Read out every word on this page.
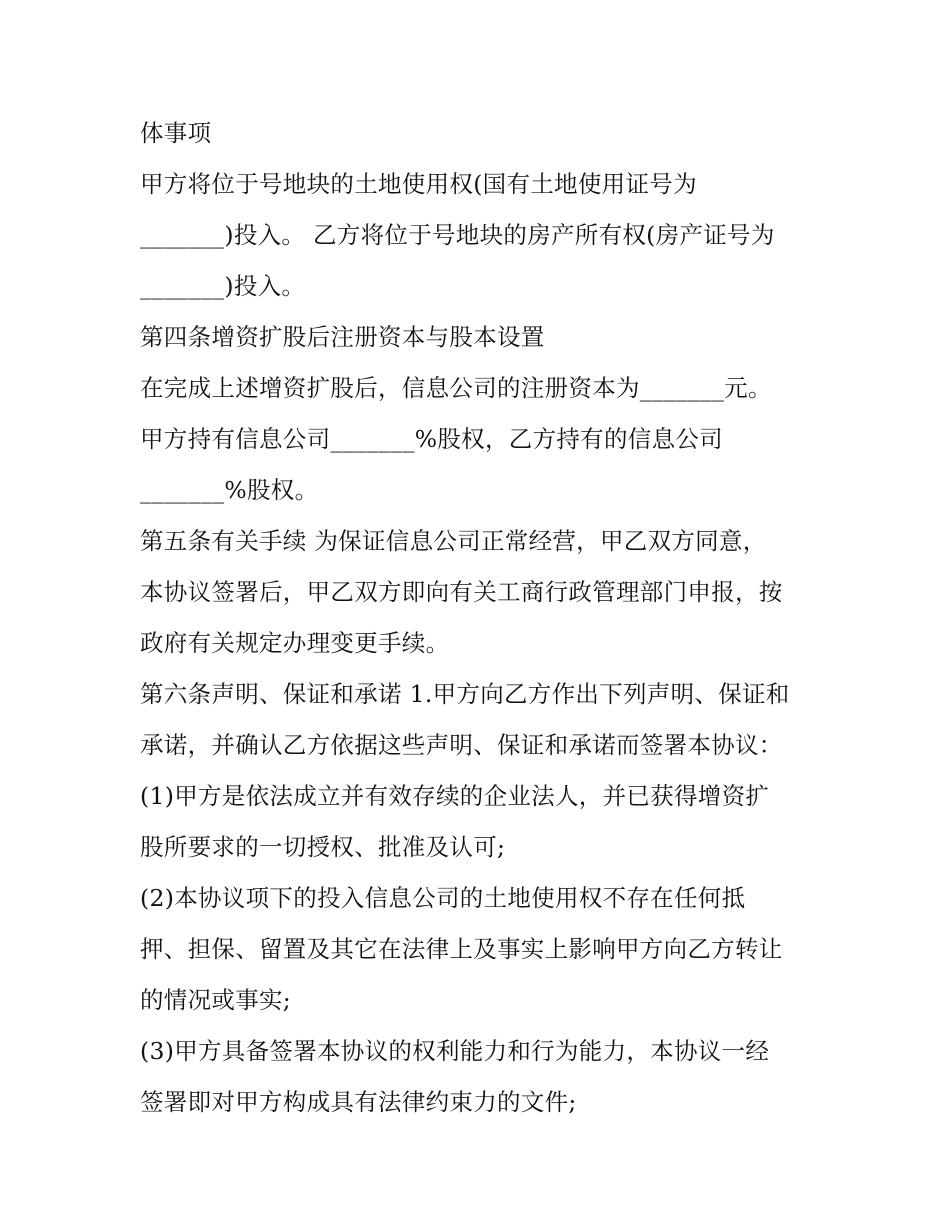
体事项
甲方将位于号地块的土地使用权(国有土地使用证号为
_______)投入。 乙方将位于号地块的房产所有权(房产证号为
_______)投入。
第四条增资扩股后注册资本与股本设置
在完成上述增资扩股后，信息公司的注册资本为_______元。
甲方持有信息公司_______%股权，乙方持有的信息公司
_______%股权。
第五条有关手续 为保证信息公司正常经营，甲乙双方同意，
本协议签署后，甲乙双方即向有关工商行政管理部门申报，按
政府有关规定办理变更手续。
第六条声明、保证和承诺 1.甲方向乙方作出下列声明、保证和
承诺，并确认乙方依据这些声明、保证和承诺而签署本协议：
(1)甲方是依法成立并有效存续的企业法人，并已获得增资扩
股所要求的一切授权、批准及认可;
(2)本协议项下的投入信息公司的土地使用权不存在任何抵
押、担保、留置及其它在法律上及事实上影响甲方向乙方转让
的情况或事实;
(3)甲方具备签署本协议的权利能力和行为能力，本协议一经
签署即对甲方构成具有法律约束力的文件;
